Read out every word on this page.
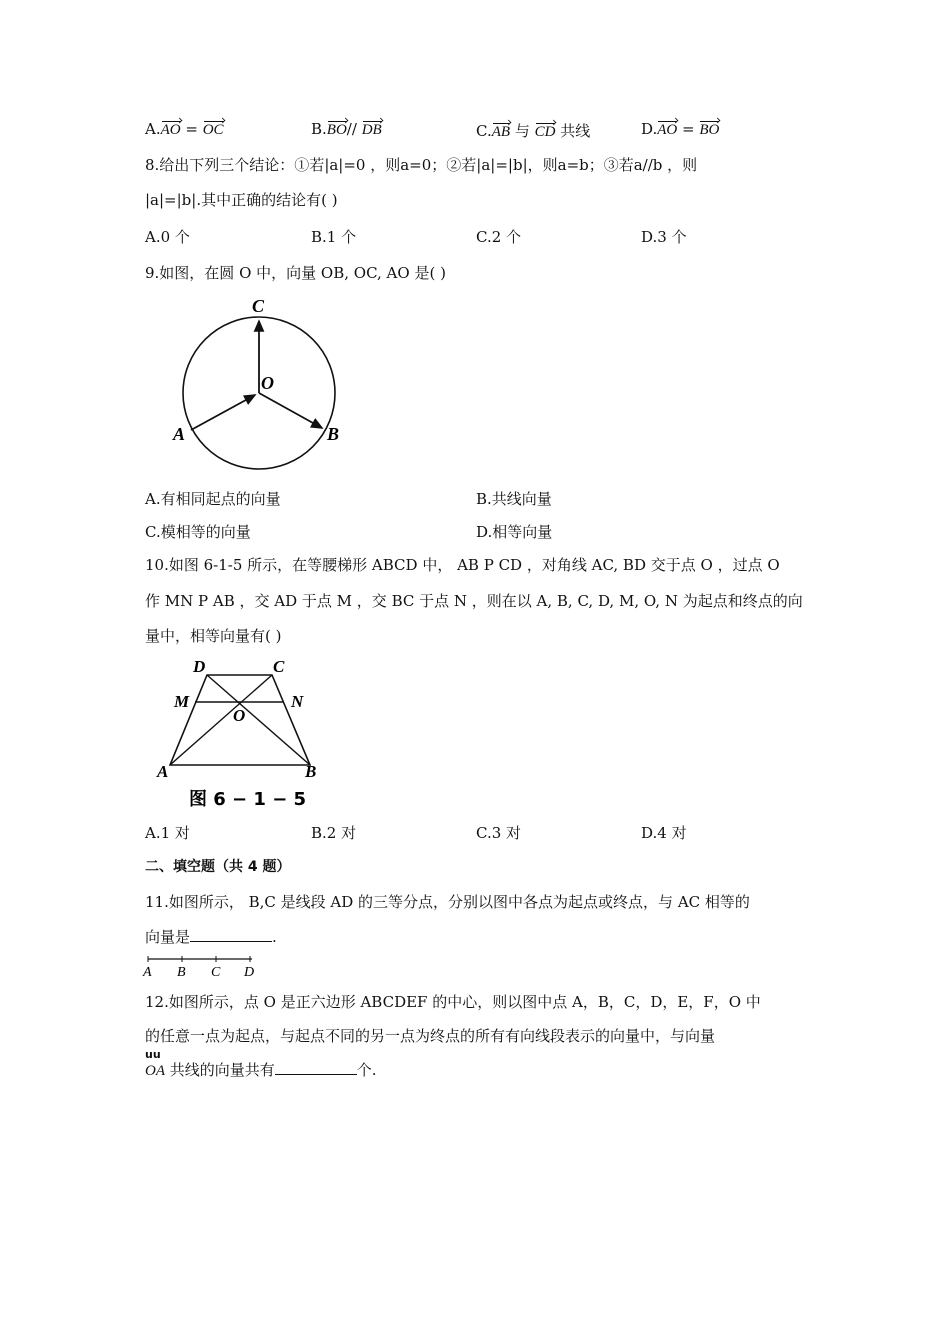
A.AO = OC	B.BO// DB	C.AB 与 CD 共线	D.AO = BO
8.给出下列三个结论：①若|a|=0 ，则a=0；②若|a|=|b|，则a=b；③若a//b ，则
|a|=|b|.其中正确的结论有( )
A.0 个	B.1 个	C.2 个	D.3 个
9.如图，在圆 O 中，向量 OB, OC, AO 是( )
C
O
A	B
A.有相同起点的向量	B.共线向量
C.模相等的向量	D.相等向量
10.如图 6-1-5 所示，在等腰梯形 ABCD 中， AB P CD ，对角线 AC, BD 交于点 O ，过点 O
作 MN P AB ，交 AD 于点 M ，交 BC 于点 N ，则在以 A, B, C, D, M, O, N 为起点和终点的向
量中，相等向量有( )
D	C
M
O
N
A	B
图 6 − 1 − 5
A.1 对	B.2 对	C.3 对	D.4 对
二、填空题（共 4 题）
11.如图所示， B,C 是线段 AD 的三等分点，分别以图中各点为起点或终点，与 AC 相等的
向量是	.
A B C D
12.如图所示，点 O 是正六边形 ABCDEF 的中心，则以图中点 A，B，C，D，E，F，O 中
的任意一点为起点，与起点不同的另一点为终点的所有有向线段表示的向量中，与向量
uu
OA 共线的向量共有	个.
